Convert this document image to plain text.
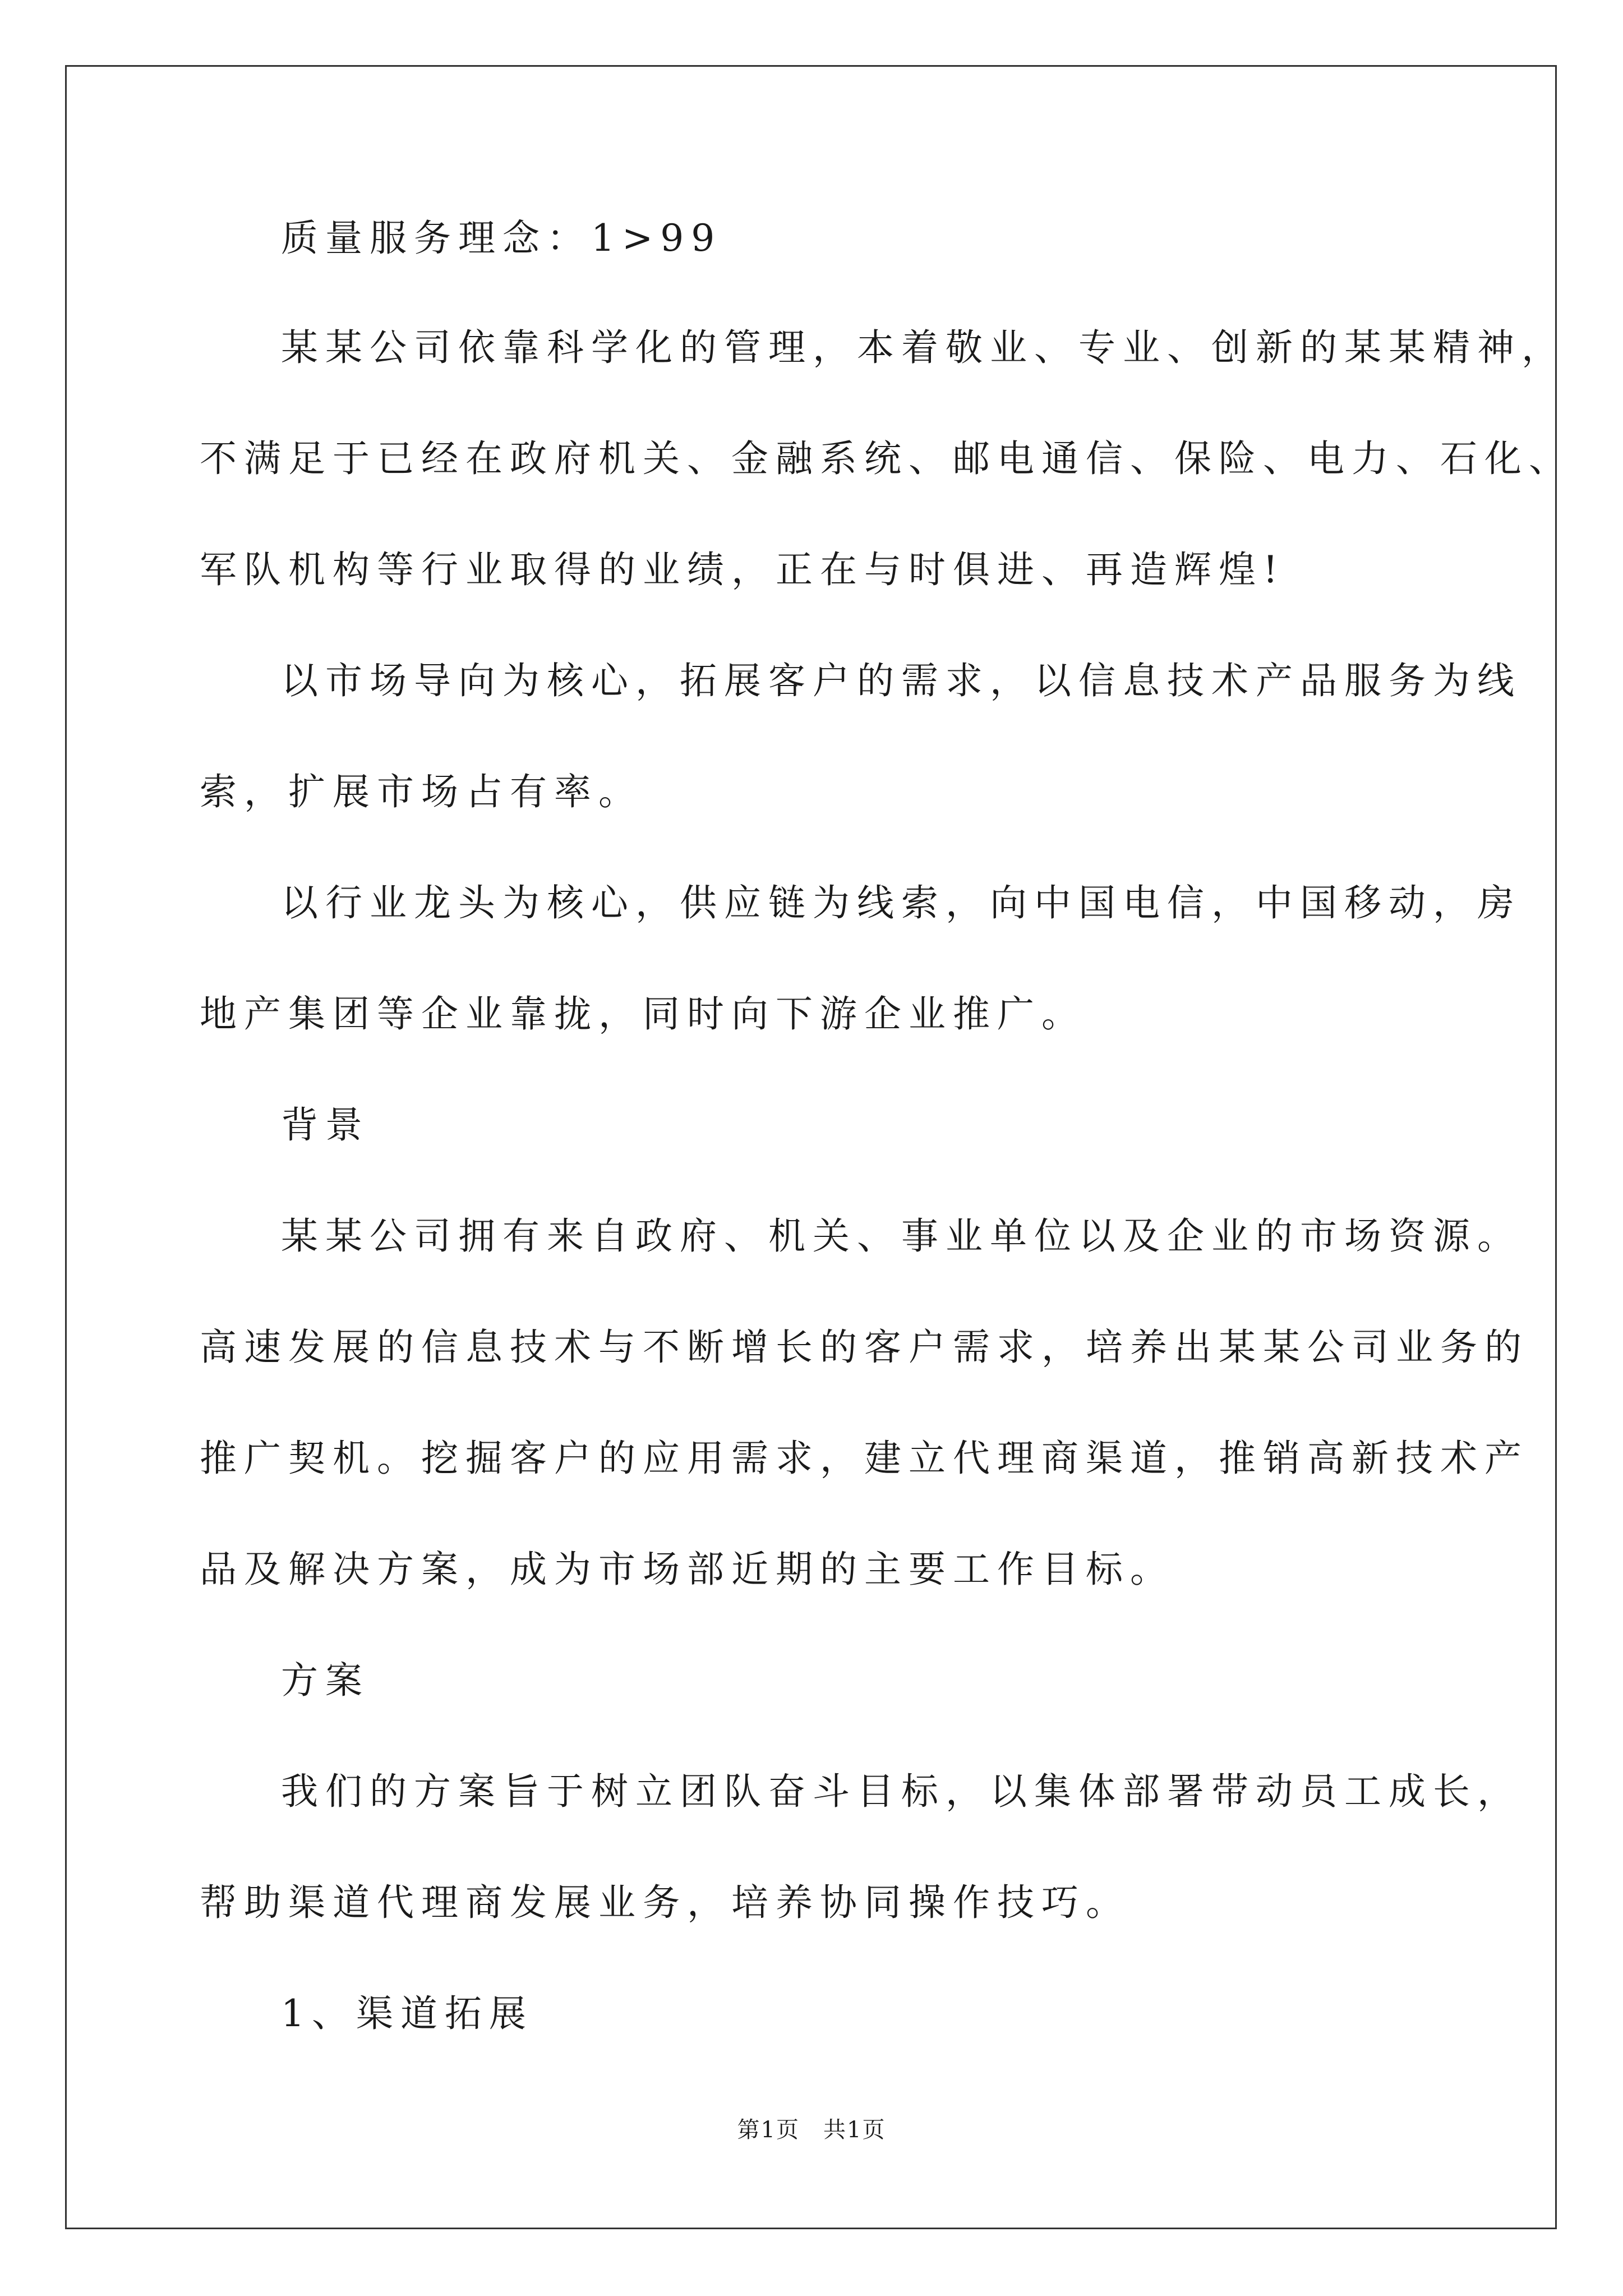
质量服务理念：1>99
某某公司依靠科学化的管理，本着敬业、专业、创新的某某精神，
不满足于已经在政府机关、金融系统、邮电通信、保险、电力、石化、
军队机构等行业取得的业绩，正在与时俱进、再造辉煌!
以市场导向为核心，拓展客户的需求，以信息技术产品服务为线
索，扩展市场占有率。
以行业龙头为核心，供应链为线索，向中国电信，中国移动，房
地产集团等企业靠拢，同时向下游企业推广。
背景
某某公司拥有来自政府、机关、事业单位以及企业的市场资源。
高速发展的信息技术与不断增长的客户需求，培养出某某公司业务的
推广契机。挖掘客户的应用需求，建立代理商渠道，推销高新技术产
品及解决方案，成为市场部近期的主要工作目标。
方案
我们的方案旨于树立团队奋斗目标，以集体部署带动员工成长，
帮助渠道代理商发展业务，培养协同操作技巧。
1、渠道拓展
第1页　共1页
